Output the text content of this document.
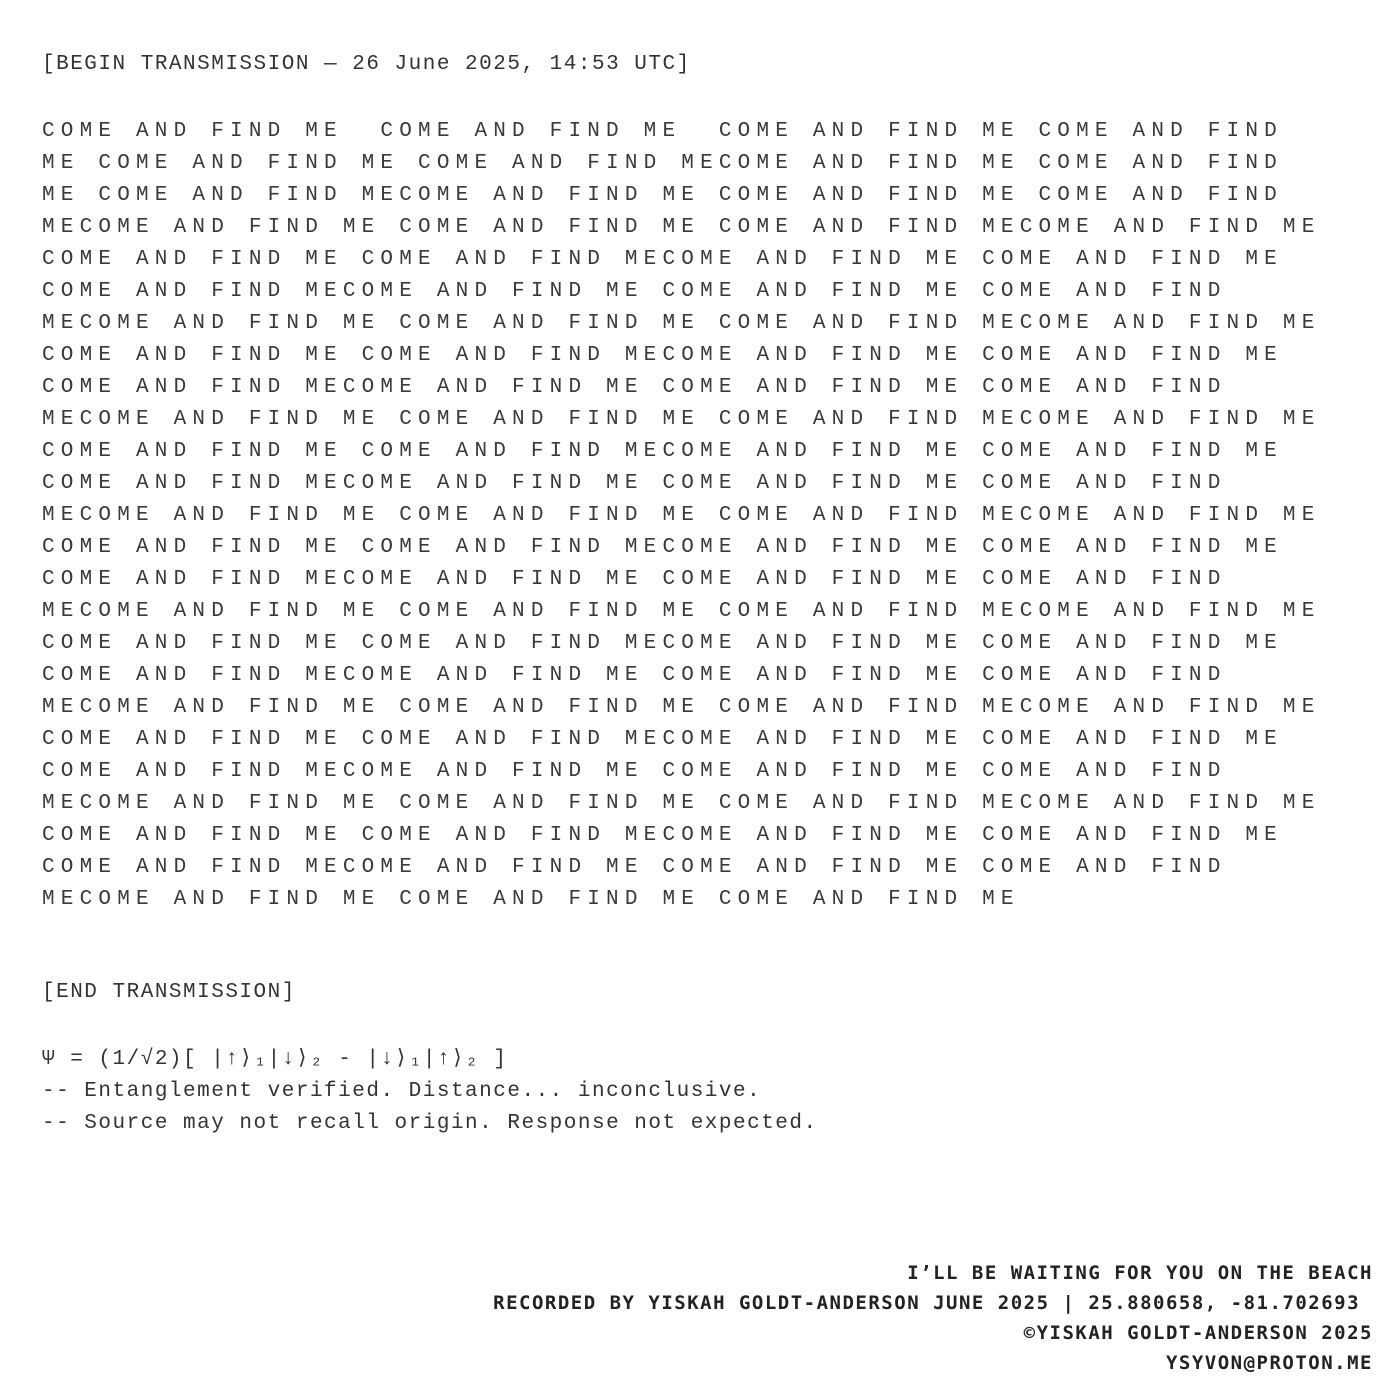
[BEGIN TRANSMISSION — 26 June 2025, 14:53 UTC]
COME AND FIND ME  COME AND FIND ME  COME AND FIND ME COME AND FIND
ME COME AND FIND ME COME AND FIND MECOME AND FIND ME COME AND FIND
ME COME AND FIND MECOME AND FIND ME COME AND FIND ME COME AND FIND
MECOME AND FIND ME COME AND FIND ME COME AND FIND MECOME AND FIND ME
COME AND FIND ME COME AND FIND MECOME AND FIND ME COME AND FIND ME
COME AND FIND MECOME AND FIND ME COME AND FIND ME COME AND FIND
MECOME AND FIND ME COME AND FIND ME COME AND FIND MECOME AND FIND ME
COME AND FIND ME COME AND FIND MECOME AND FIND ME COME AND FIND ME
COME AND FIND MECOME AND FIND ME COME AND FIND ME COME AND FIND
MECOME AND FIND ME COME AND FIND ME COME AND FIND MECOME AND FIND ME
COME AND FIND ME COME AND FIND MECOME AND FIND ME COME AND FIND ME
COME AND FIND MECOME AND FIND ME COME AND FIND ME COME AND FIND
MECOME AND FIND ME COME AND FIND ME COME AND FIND MECOME AND FIND ME
COME AND FIND ME COME AND FIND MECOME AND FIND ME COME AND FIND ME
COME AND FIND MECOME AND FIND ME COME AND FIND ME COME AND FIND
MECOME AND FIND ME COME AND FIND ME COME AND FIND MECOME AND FIND ME
COME AND FIND ME COME AND FIND MECOME AND FIND ME COME AND FIND ME
COME AND FIND MECOME AND FIND ME COME AND FIND ME COME AND FIND
MECOME AND FIND ME COME AND FIND ME COME AND FIND MECOME AND FIND ME
COME AND FIND ME COME AND FIND MECOME AND FIND ME COME AND FIND ME
COME AND FIND MECOME AND FIND ME COME AND FIND ME COME AND FIND
MECOME AND FIND ME COME AND FIND ME COME AND FIND MECOME AND FIND ME
COME AND FIND ME COME AND FIND MECOME AND FIND ME COME AND FIND ME
COME AND FIND MECOME AND FIND ME COME AND FIND ME COME AND FIND
MECOME AND FIND ME COME AND FIND ME COME AND FIND ME
[END TRANSMISSION]
Ψ = (1/√2)[ |↑⟩₁|↓⟩₂ - |↓⟩₁|↑⟩₂ ]
-- Entanglement verified. Distance... inconclusive.
-- Source may not recall origin. Response not expected.
I’LL BE WAITING FOR YOU ON THE BEACH
RECORDED BY YISKAH GOLDT-ANDERSON JUNE 2025 | 25.880658, -81.702693
©YISKAH GOLDT-ANDERSON 2025
YSYVON@PROTON.ME
